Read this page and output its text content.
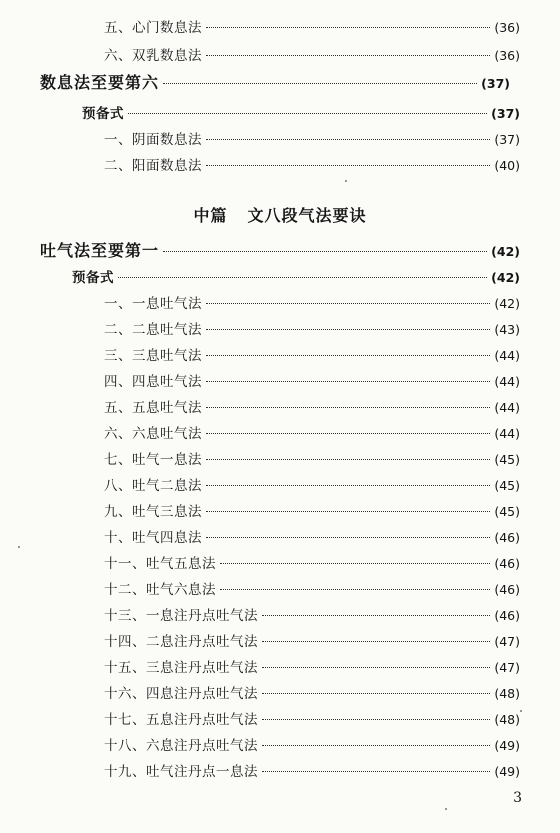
五、心门数息法	(36)
六、双乳数息法	(36)
数息法至要第六	(37)
预备式	(37)
一、阴面数息法	(37)
二、阳面数息法	(40)
中篇 文八段气法要诀
吐气法至要第一	(42)
预备式	(42)
一、一息吐气法	(42)
二、二息吐气法	(43)
三、三息吐气法	(44)
四、四息吐气法	(44)
五、五息吐气法	(44)
六、六息吐气法	(44)
七、吐气一息法	(45)
八、吐气二息法	(45)
九、吐气三息法	(45)
十、吐气四息法	(46)
十一、吐气五息法	(46)
十二、吐气六息法	(46)
十三、一息注丹点吐气法	(46)
十四、二息注丹点吐气法	(47)
十五、三息注丹点吐气法	(47)
十六、四息注丹点吐气法	(48)
十七、五息注丹点吐气法	(48)
十八、六息注丹点吐气法	(49)
十九、吐气注丹点一息法	(49)
3
